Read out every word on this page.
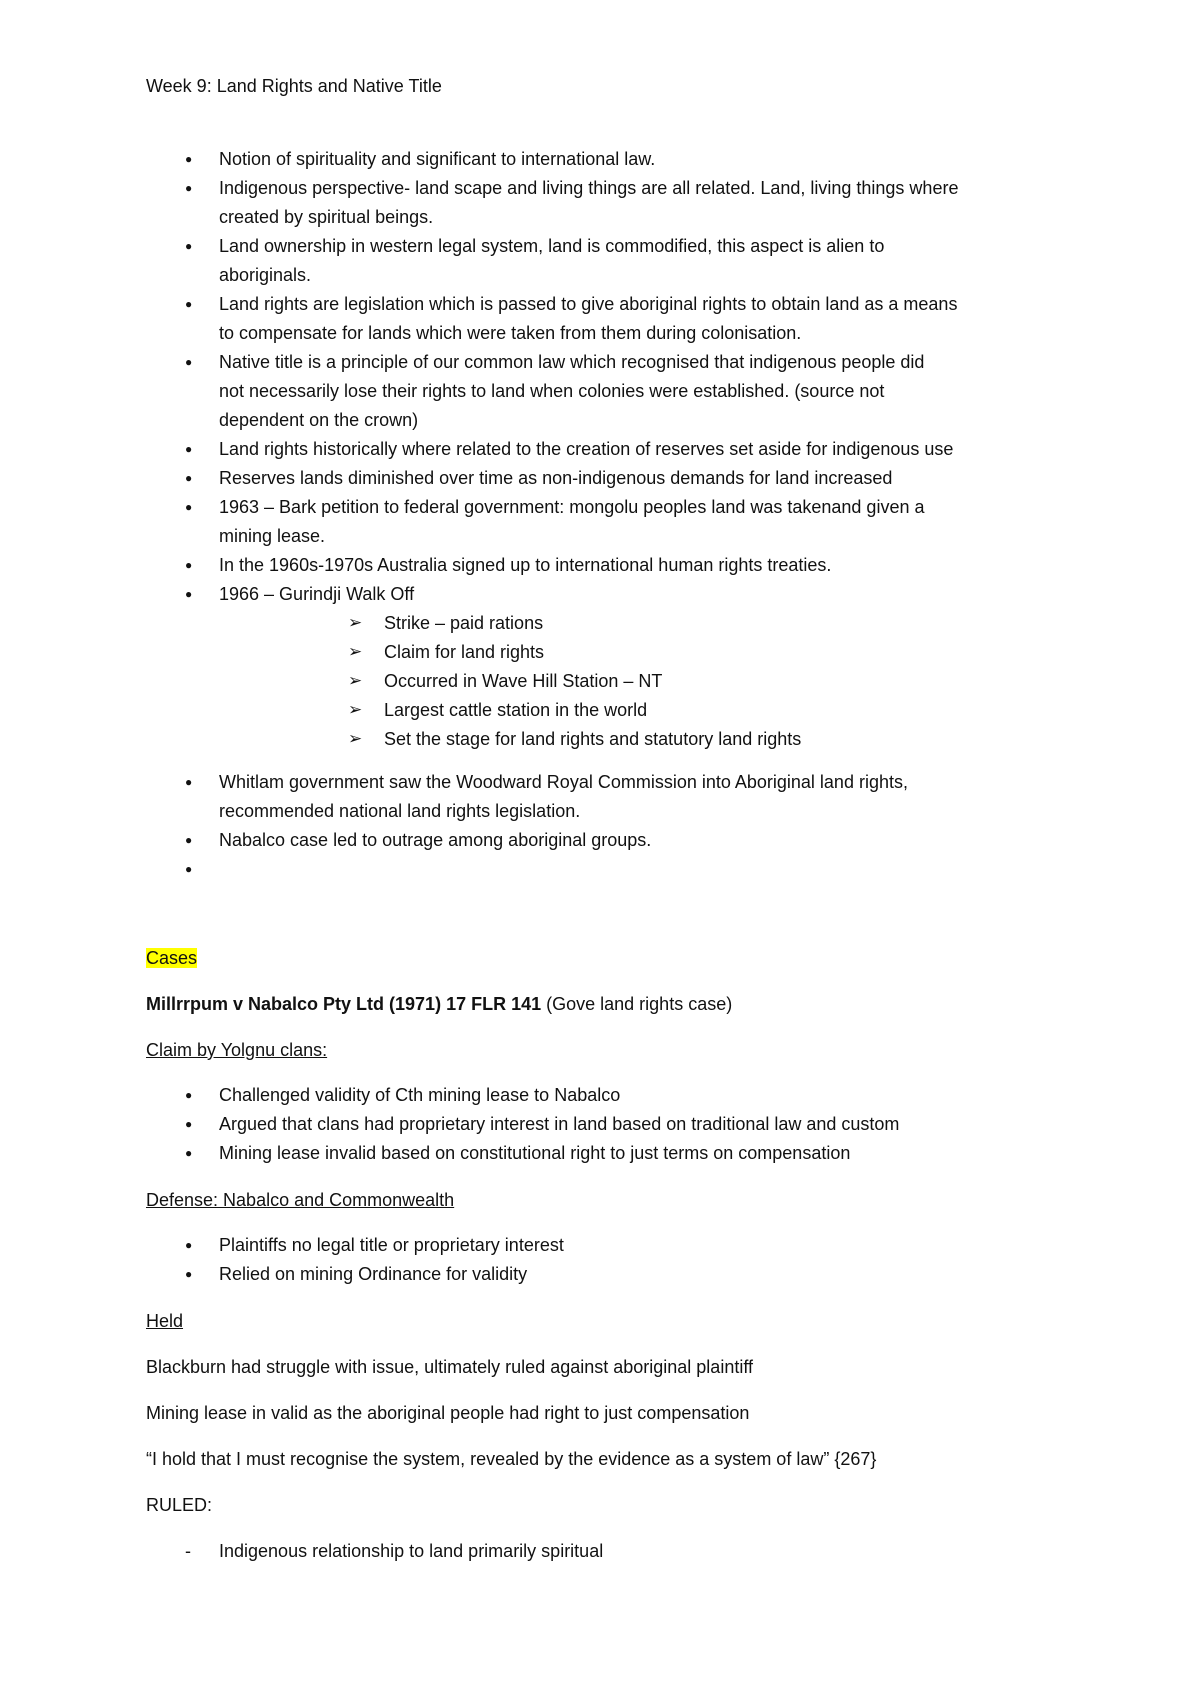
Week 9: Land Rights and Native Title
● Notion of spirituality and significant to international law.
● Indigenous perspective- land scape and living things are all related. Land, living things where
created by spiritual beings.
● Land ownership in western legal system, land is commodified, this aspect is alien to
aboriginals.
● Land rights are legislation which is passed to give aboriginal rights to obtain land as a means
to compensate for lands which were taken from them during colonisation.
● Native title is a principle of our common law which recognised that indigenous people did
not necessarily lose their rights to land when colonies were established. (source not
dependent on the crown)
● Land rights historically where related to the creation of reserves set aside for indigenous use
● Reserves lands diminished over time as non-indigenous demands for land increased
● 1963 – Bark petition to federal government: mongolu peoples land was takenand given a
mining lease.
● In the 1960s-1970s Australia signed up to international human rights treaties.
● 1966 – Gurindji Walk Off
➢ Strike – paid rations
➢ Claim for land rights
➢ Occurred in Wave Hill Station – NT
➢ Largest cattle station in the world
➢ Set the stage for land rights and statutory land rights
● Whitlam government saw the Woodward Royal Commission into Aboriginal land rights,
recommended national land rights legislation.
● Nabalco case led to outrage among aboriginal groups.
●
Cases
Millrrpum v Nabalco Pty Ltd (1971) 17 FLR 141 (Gove land rights case)
Claim by Yolgnu clans:
● Challenged validity of Cth mining lease to Nabalco
● Argued that clans had proprietary interest in land based on traditional law and custom
● Mining lease invalid based on constitutional right to just terms on compensation
Defense: Nabalco and Commonwealth
● Plaintiffs no legal title or proprietary interest
● Relied on mining Ordinance for validity
Held
Blackburn had struggle with issue, ultimately ruled against aboriginal plaintiff
Mining lease in valid as the aboriginal people had right to just compensation
“I hold that I must recognise the system, revealed by the evidence as a system of law” {267}
RULED:
- Indigenous relationship to land primarily spiritual
